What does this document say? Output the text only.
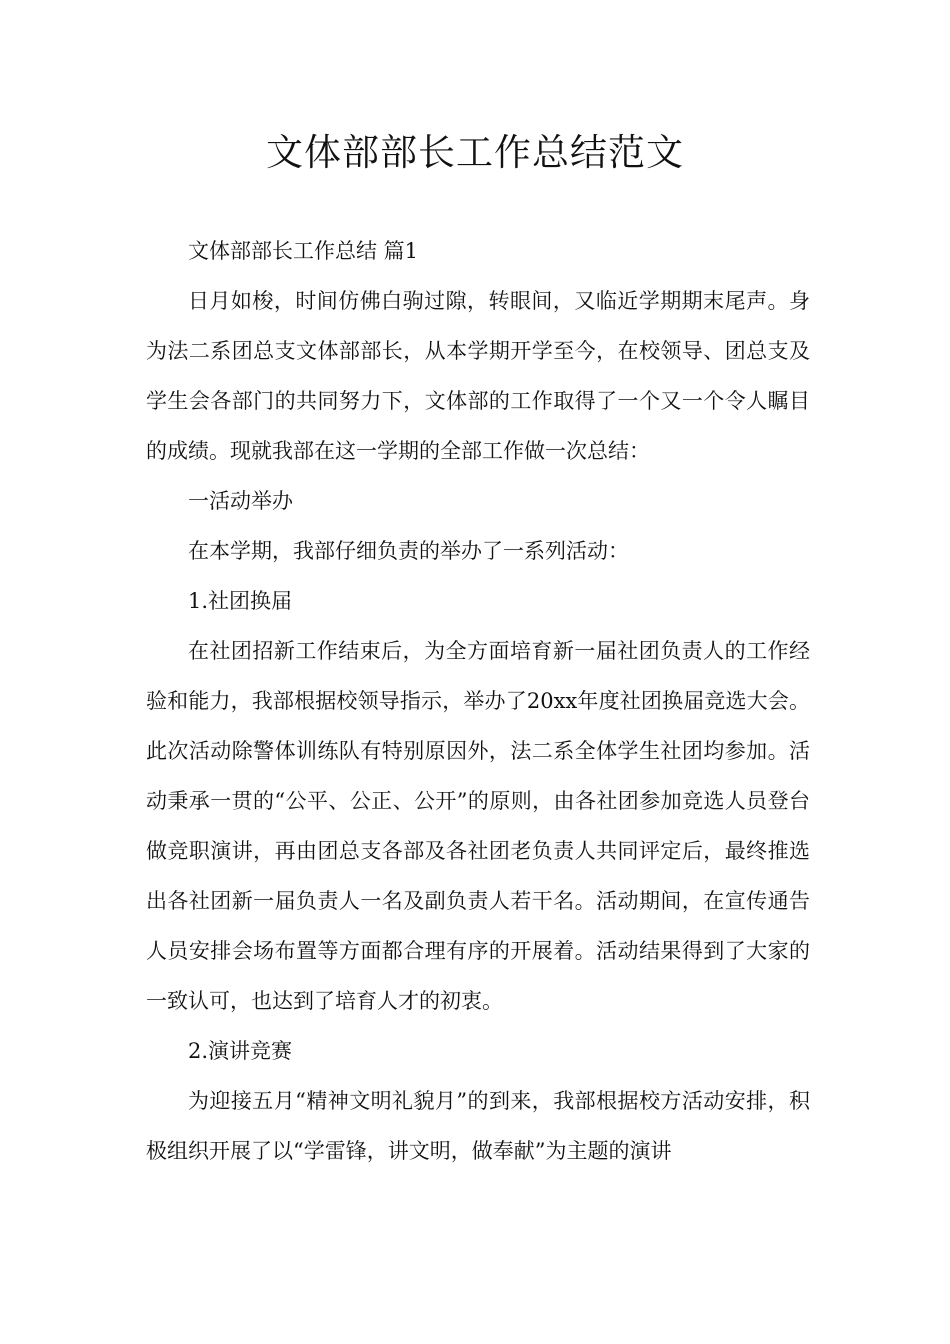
文体部部长工作总结范文

文体部部长工作总结 篇1

日月如梭，时间仿佛白驹过隙，转眼间，又临近学期期末尾声。身为法二系团总支文体部部长，从本学期开学至今，在校领导、团总支及学生会各部门的共同努力下，文体部的工作取得了一个又一个令人瞩目的成绩。现就我部在这一学期的全部工作做一次总结：

一活动举办

在本学期，我部仔细负责的举办了一系列活动：

1.社团换届

在社团招新工作结束后，为全方面培育新一届社团负责人的工作经验和能力，我部根据校领导指示，举办了20xx年度社团换届竞选大会。此次活动除警体训练队有特别原因外，法二系全体学生社团均参加。活动秉承一贯的“公平、公正、公开”的原则，由各社团参加竞选人员登台做竞职演讲，再由团总支各部及各社团老负责人共同评定后，最终推选出各社团新一届负责人一名及副负责人若干名。活动期间，在宣传通告人员安排会场布置等方面都合理有序的开展着。活动结果得到了大家的一致认可，也达到了培育人才的初衷。

2.演讲竞赛

为迎接五月“精神文明礼貌月”的到来，我部根据校方活动安排，积极组织开展了以“学雷锋，讲文明，做奉献”为主题的演讲
